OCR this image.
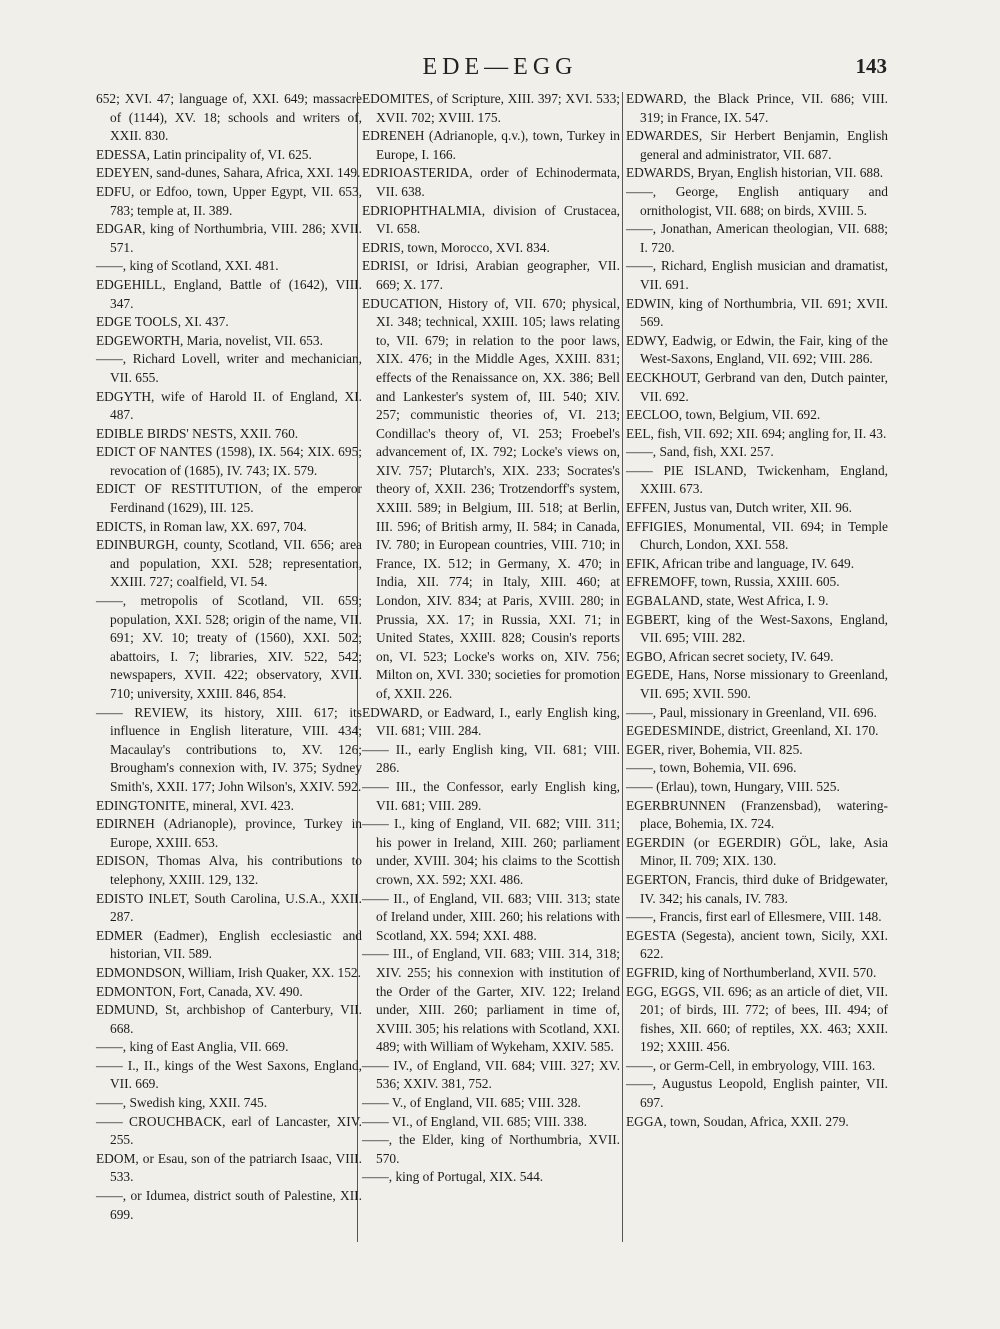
EDE—EGG	143

652; XVI. 47; language of, XXI. 649; massacre of (1144), XV. 18; schools and writers of, XXII. 830.

EDESSA, Latin principality of, VI. 625.

EDEYEN, sand-dunes, Sahara, Africa, XXI. 149.

EDFU, or Edfoo, town, Upper Egypt, VII. 653, 783; temple at, II. 389.

EDGAR, king of Northumbria, VIII. 286; XVII. 571.

——, king of Scotland, XXI. 481.

EDGEHILL, England, Battle of (1642), VIII. 347.

EDGE TOOLS, XI. 437.

EDGEWORTH, Maria, novelist, VII. 653.

——, Richard Lovell, writer and mechanician, VII. 655.

EDGYTH, wife of Harold II. of England, XI. 487.

EDIBLE BIRDS' NESTS, XXII. 760.

EDICT OF NANTES (1598), IX. 564; XIX. 695; revocation of (1685), IV. 743; IX. 579.

EDICT OF RESTITUTION, of the emperor Ferdinand (1629), III. 125.

EDICTS, in Roman law, XX. 697, 704.

EDINBURGH, county, Scotland, VII. 656; area and population, XXI. 528; representation, XXIII. 727; coalfield, VI. 54.

——, metropolis of Scotland, VII. 659; population, XXI. 528; origin of the name, VII. 691; XV. 10; treaty of (1560), XXI. 502; abattoirs, I. 7; libraries, XIV. 522, 542; newspapers, XVII. 422; observatory, XVII. 710; university, XXIII. 846, 854.

—— REVIEW, its history, XIII. 617; its influence in English literature, VIII. 434; Macaulay's contributions to, XV. 126; Brougham's connexion with, IV. 375; Sydney Smith's, XXII. 177; John Wilson's, XXIV. 592.

EDINGTONITE, mineral, XVI. 423.

EDIRNEH (Adrianople), province, Turkey in Europe, XXIII. 653.

EDISON, Thomas Alva, his contributions to telephony, XXIII. 129, 132.

EDISTO INLET, South Carolina, U.S.A., XXII. 287.

EDMER (Eadmer), English ecclesiastic and historian, VII. 589.

EDMONDSON, William, Irish Quaker, XX. 152.

EDMONTON, Fort, Canada, XV. 490.

EDMUND, St, archbishop of Canterbury, VII. 668.

——, king of East Anglia, VII. 669.

—— I., II., kings of the West Saxons, England, VII. 669.

——, Swedish king, XXII. 745.

—— CROUCHBACK, earl of Lancaster, XIV. 255.

EDOM, or Esau, son of the patriarch Isaac, VIII. 533.

——, or Idumea, district south of Palestine, XII. 699.

EDOMITES, of Scripture, XIII. 397; XVI. 533; XVII. 702; XVIII. 175.

EDRENEH (Adrianople, q.v.), town, Turkey in Europe, I. 166.

EDRIOASTERIDA, order of Echinodermata, VII. 638.

EDRIOPHTHALMIA, division of Crustacea, VI. 658.

EDRIS, town, Morocco, XVI. 834.

EDRISI, or Idrisi, Arabian geographer, VII. 669; X. 177.

EDUCATION, History of, VII. 670; physical, XI. 348; technical, XXIII. 105; laws relating to, VII. 679; in relation to the poor laws, XIX. 476; in the Middle Ages, XXIII. 831; effects of the Renaissance on, XX. 386; Bell and Lankester's system of, III. 540; XIV. 257; communistic theories of, VI. 213; Condillac's theory of, VI. 253; Froebel's advancement of, IX. 792; Locke's views on, XIV. 757; Plutarch's, XIX. 233; Socrates's theory of, XXII. 236; Trotzendorff's system, XXIII. 589; in Belgium, III. 518; at Berlin, III. 596; of British army, II. 584; in Canada, IV. 780; in European countries, VIII. 710; in France, IX. 512; in Germany, X. 470; in India, XII. 774; in Italy, XIII. 460; at London, XIV. 834; at Paris, XVIII. 280; in Prussia, XX. 17; in Russia, XXI. 71; in United States, XXIII. 828; Cousin's reports on, VI. 523; Locke's works on, XIV. 756; Milton on, XVI. 330; societies for promotion of, XXII. 226.

EDWARD, or Eadward, I., early English king, VII. 681; VIII. 284.

—— II., early English king, VII. 681; VIII. 286.

—— III., the Confessor, early English king, VII. 681; VIII. 289.

—— I., king of England, VII. 682; VIII. 311; his power in Ireland, XIII. 260; parliament under, XVIII. 304; his claims to the Scottish crown, XX. 592; XXI. 486.

—— II., of England, VII. 683; VIII. 313; state of Ireland under, XIII. 260; his relations with Scotland, XX. 594; XXI. 488.

—— III., of England, VII. 683; VIII. 314, 318; XIV. 255; his connexion with institution of the Order of the Garter, XIV. 122; Ireland under, XIII. 260; parliament in time of, XVIII. 305; his relations with Scotland, XXI. 489; with William of Wykeham, XXIV. 585.

—— IV., of England, VII. 684; VIII. 327; XV. 536; XXIV. 381, 752.

—— V., of England, VII. 685; VIII. 328.

—— VI., of England, VII. 685; VIII. 338.

——, the Elder, king of Northumbria, XVII. 570.

——, king of Portugal, XIX. 544.

EDWARD, the Black Prince, VII. 686; VIII. 319; in France, IX. 547.

EDWARDES, Sir Herbert Benjamin, English general and administrator, VII. 687.

EDWARDS, Bryan, English historian, VII. 688.

——, George, English antiquary and ornithologist, VII. 688; on birds, XVIII. 5.

——, Jonathan, American theologian, VII. 688; I. 720.

——, Richard, English musician and dramatist, VII. 691.

EDWIN, king of Northumbria, VII. 691; XVII. 569.

EDWY, Eadwig, or Edwin, the Fair, king of the West-Saxons, England, VII. 692; VIII. 286.

EECKHOUT, Gerbrand van den, Dutch painter, VII. 692.

EECLOO, town, Belgium, VII. 692.

EEL, fish, VII. 692; XII. 694; angling for, II. 43.

——, Sand, fish, XXI. 257.

—— PIE ISLAND, Twickenham, England, XXIII. 673.

EFFEN, Justus van, Dutch writer, XII. 96.

EFFIGIES, Monumental, VII. 694; in Temple Church, London, XXI. 558.

EFIK, African tribe and language, IV. 649.

EFREMOFF, town, Russia, XXIII. 605.

EGBALAND, state, West Africa, I. 9.

EGBERT, king of the West-Saxons, England, VII. 695; VIII. 282.

EGBO, African secret society, IV. 649.

EGEDE, Hans, Norse missionary to Greenland, VII. 695; XVII. 590.

——, Paul, missionary in Greenland, VII. 696.

EGEDESMINDE, district, Greenland, XI. 170.

EGER, river, Bohemia, VII. 825.

——, town, Bohemia, VII. 696.

—— (Erlau), town, Hungary, VIII. 525.

EGERBRUNNEN (Franzensbad), watering-place, Bohemia, IX. 724.

EGERDIN (or EGERDIR) GÖL, lake, Asia Minor, II. 709; XIX. 130.

EGERTON, Francis, third duke of Bridgewater, IV. 342; his canals, IV. 783.

——, Francis, first earl of Ellesmere, VIII. 148.

EGESTA (Segesta), ancient town, Sicily, XXI. 622.

EGFRID, king of Northumberland, XVII. 570.

EGG, EGGS, VII. 696; as an article of diet, VII. 201; of birds, III. 772; of bees, III. 494; of fishes, XII. 660; of reptiles, XX. 463; XXII. 192; XXIII. 456.

——, or Germ-Cell, in embryology, VIII. 163.

——, Augustus Leopold, English painter, VII. 697.

EGGA, town, Soudan, Africa, XXII. 279.
